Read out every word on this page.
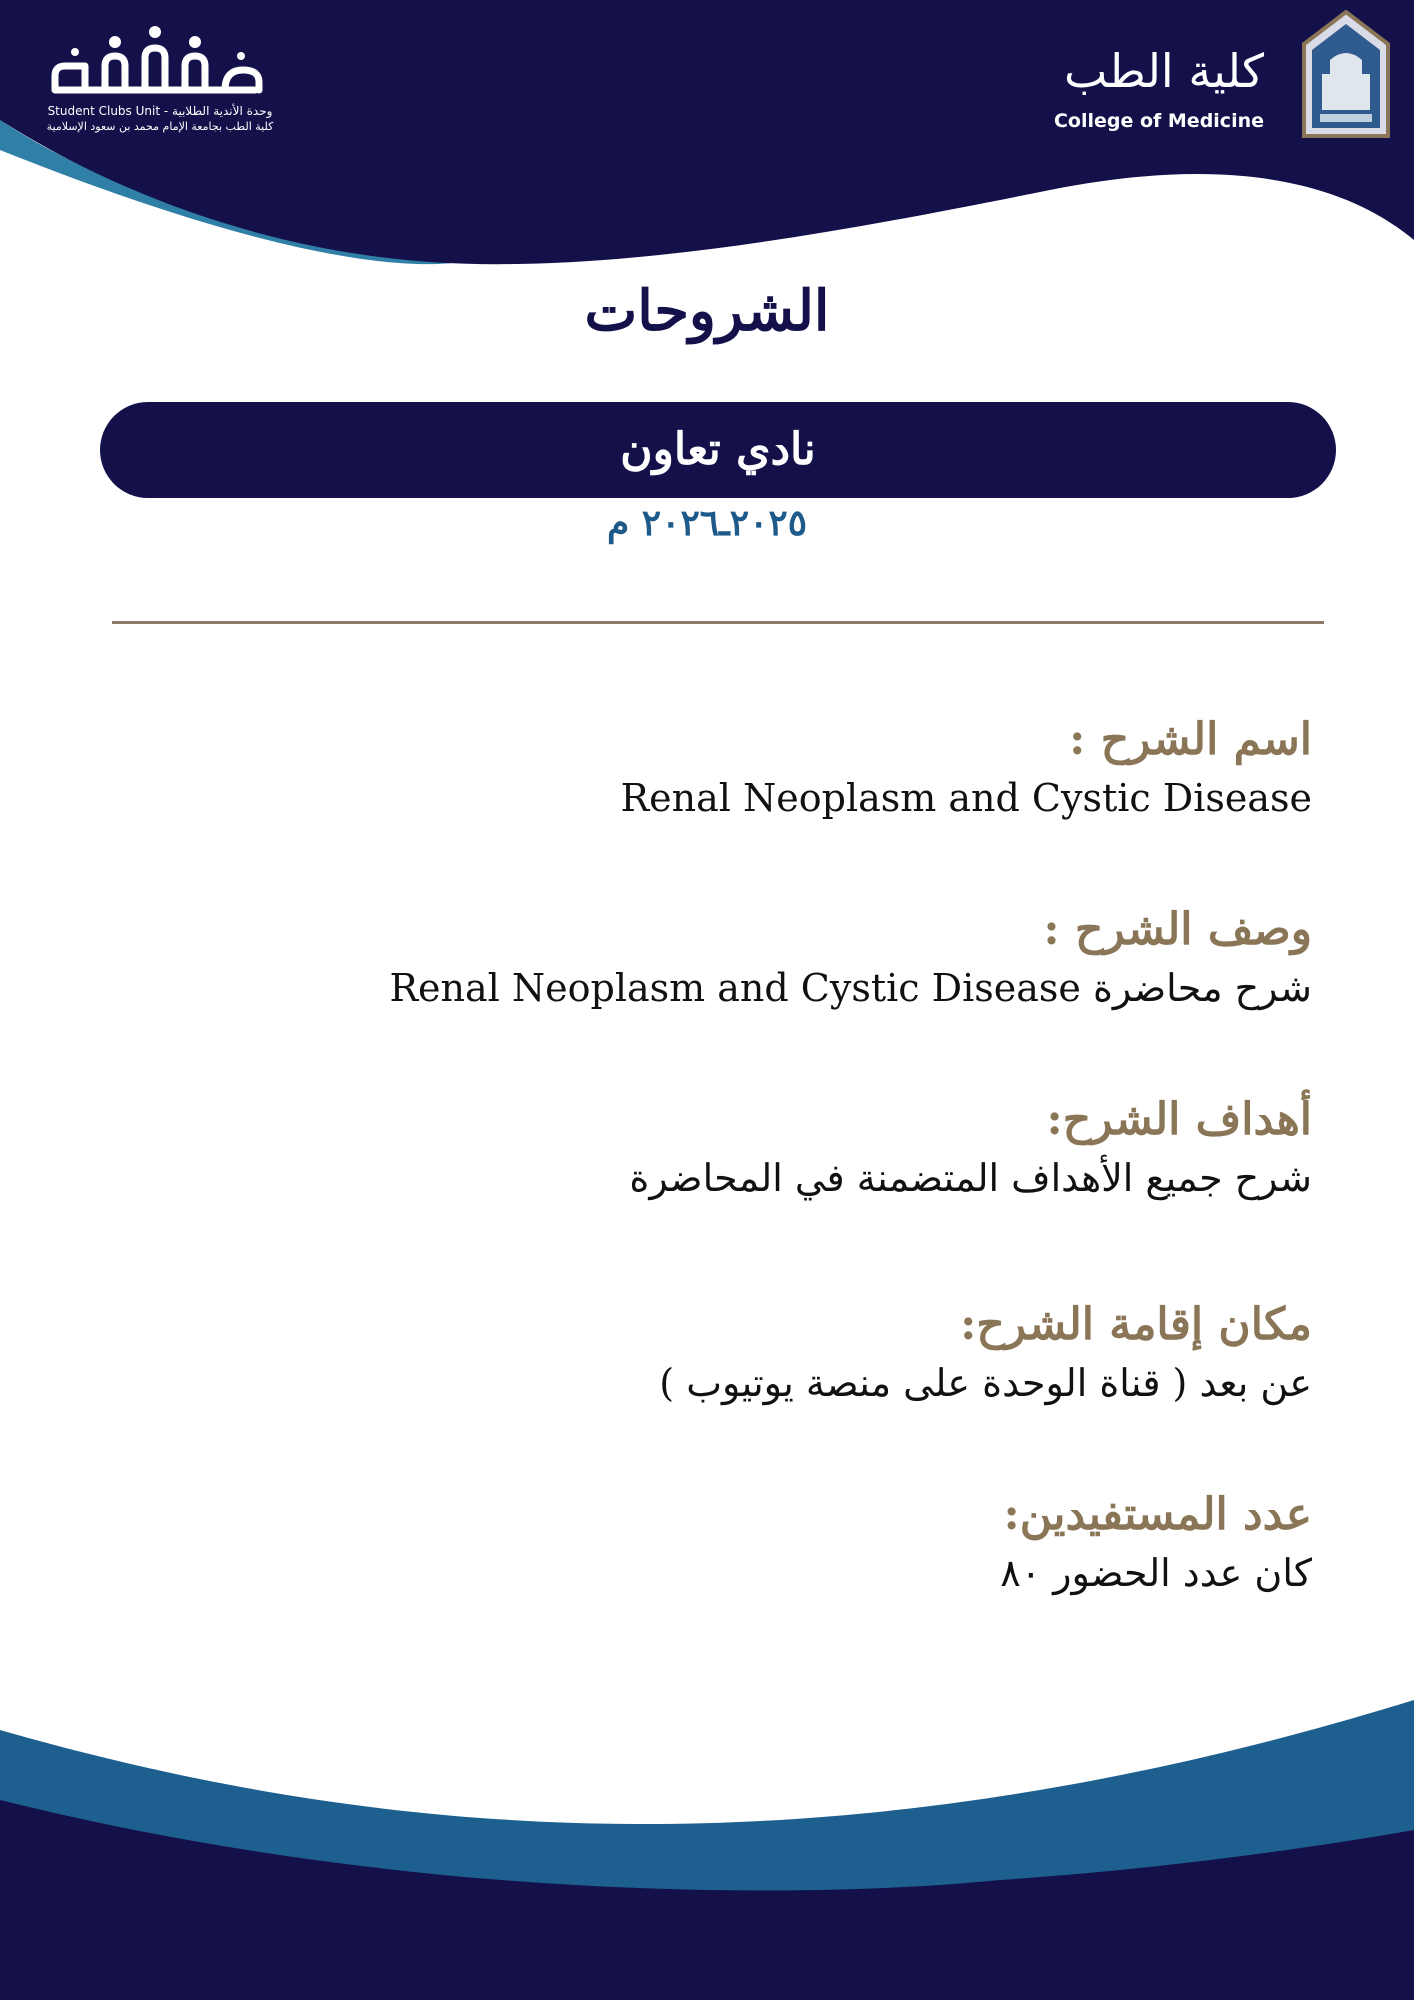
Student Clubs Unit - وحدة الأندية الطلابية
كلية الطب بجامعة الإمام محمد بن سعود الإسلامية
كلية الطب
College of Medicine
الشروحات
نادي تعاون
٢٠٢٥ـ٢٠٢٦ م
اسم الشرح :
Renal Neoplasm and Cystic Disease
وصف الشرح :
شرح محاضرة Renal Neoplasm and Cystic Disease
أهداف الشرح:
شرح جميع الأهداف المتضمنة في المحاضرة
مكان إقامة الشرح:
عن بعد ( قناة الوحدة على منصة يوتيوب )
عدد المستفيدين:
كان عدد الحضور ٨٠
